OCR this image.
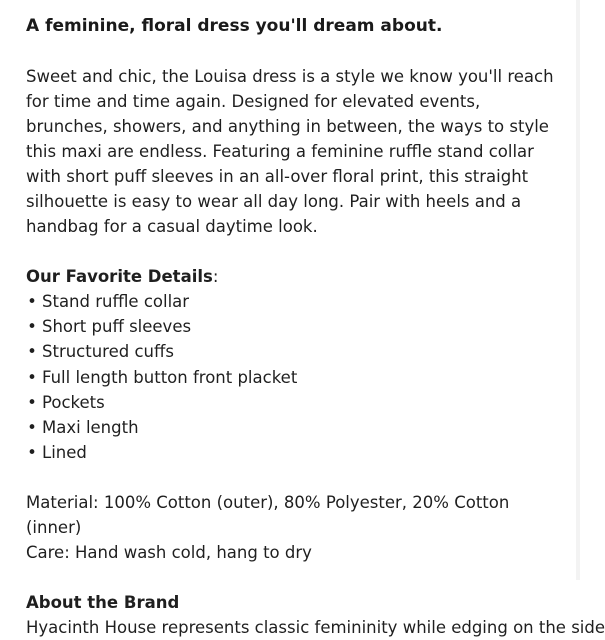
A feminine, floral dress you'll dream about.

Sweet and chic, the Louisa dress is a style we know you'll reach for time and time again. Designed for elevated events, brunches, showers, and anything in between, the ways to style this maxi are endless. Featuring a feminine ruffle stand collar with short puff sleeves in an all-over floral print, this straight silhouette is easy to wear all day long. Pair with heels and a handbag for a casual daytime look.

Our Favorite Details:

• Stand ruffle collar
• Short puff sleeves
• Structured cuffs
• Full length button front placket
• Pockets
• Maxi length
• Lined

Material: 100% Cotton (outer), 80% Polyester, 20% Cotton (inner)

Care: Hand wash cold, hang to dry

About the Brand

Hyacinth House represents classic femininity while edging on the side
